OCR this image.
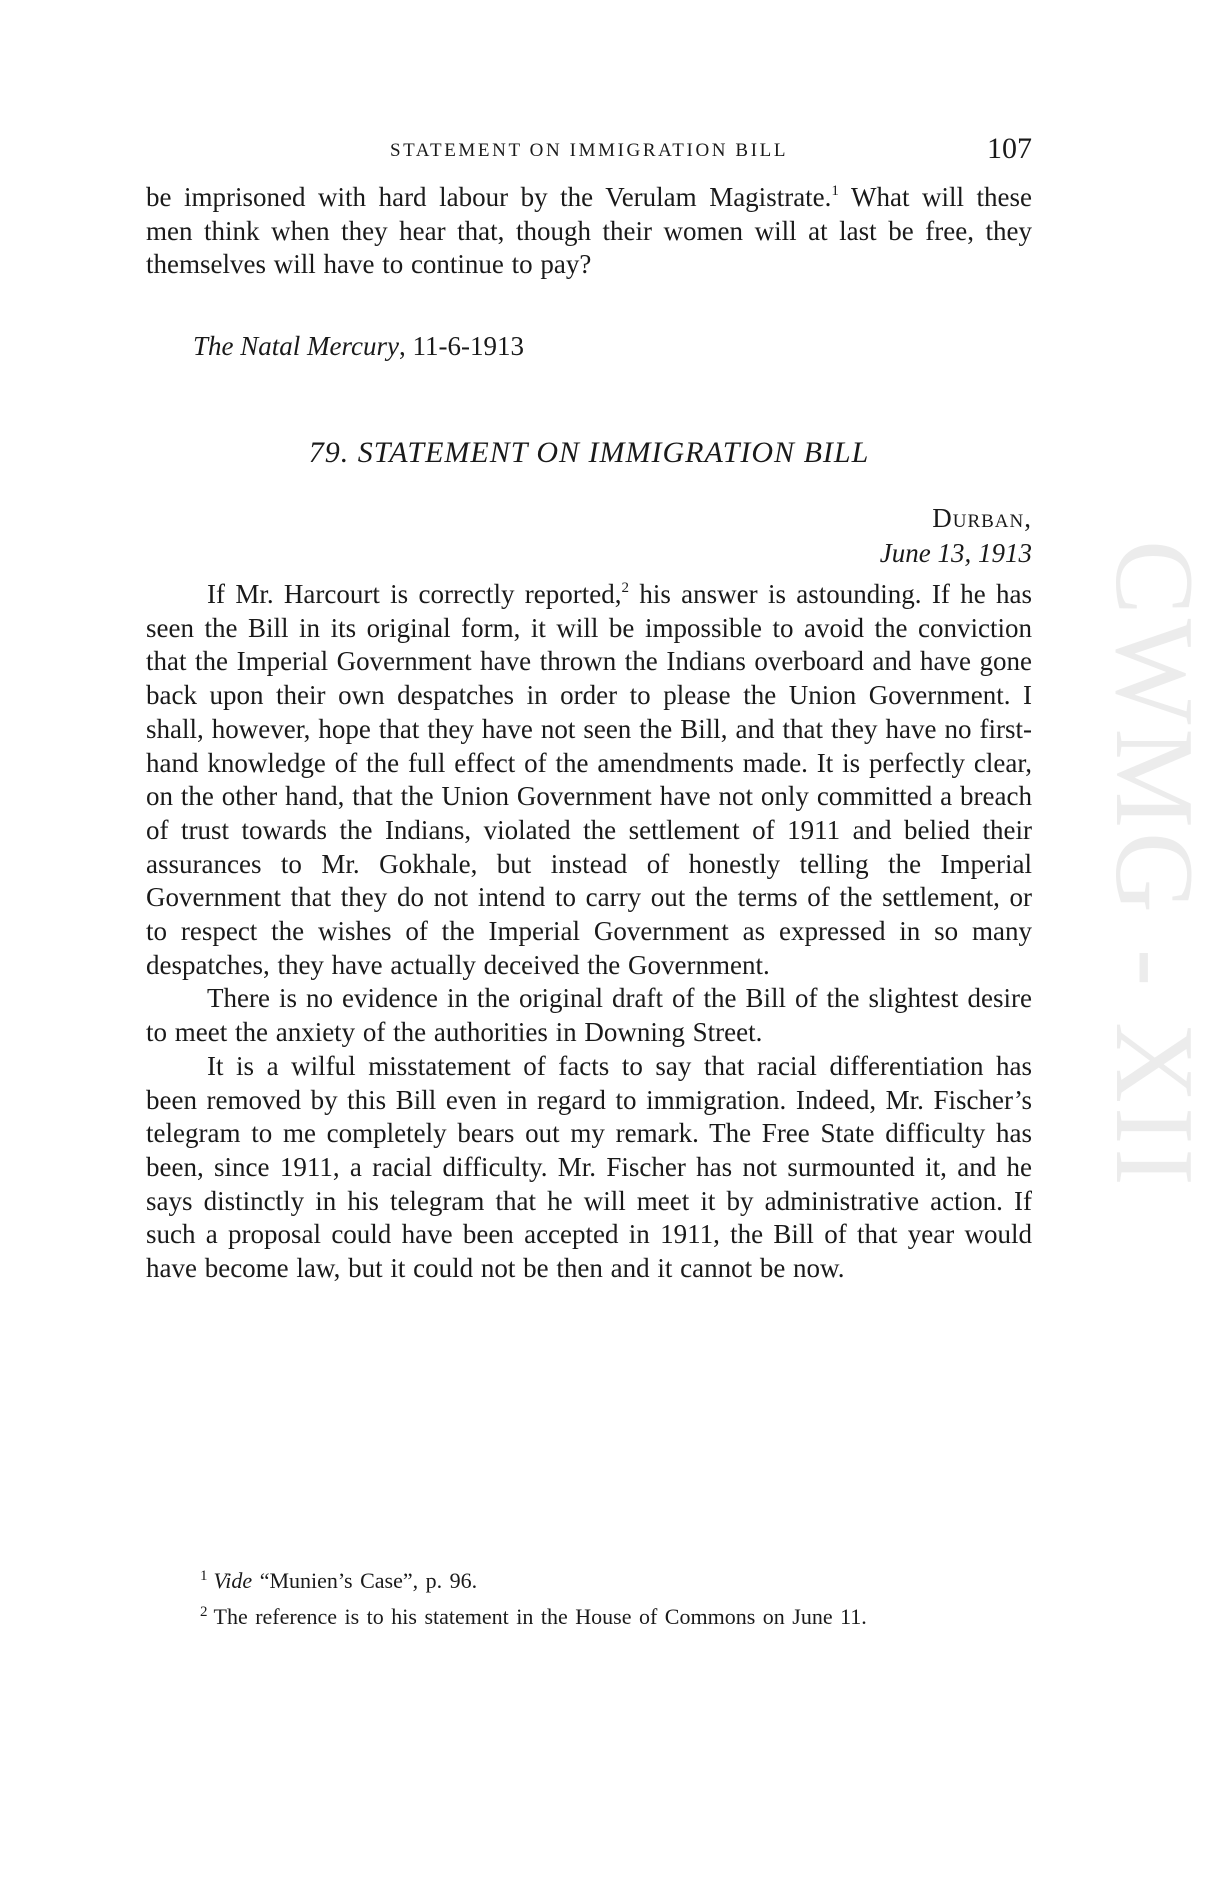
CWMG - XII
STATEMENT ON IMMIGRATION BILL	107

be imprisoned with hard labour by the Verulam Magistrate.$^1$ What will these men think when they hear that, though their women will at last be free, they themselves will have to continue to pay?

The Natal Mercury, 11-6-1913
79. STATEMENT ON IMMIGRATION BILL
Durban,
June 13, 1913

If Mr. Harcourt is correctly reported,$^2$ his answer is astounding. If he has seen the Bill in its original form, it will be impossible to avoid the conviction that the Imperial Government have thrown the Indians overboard and have gone back upon their own despatches in order to please the Union Government. I shall, however, hope that they have not seen the Bill, and that they have no first-hand knowledge of the full effect of the amendments made. It is perfectly clear, on the other hand, that the Union Government have not only committed a breach of trust towards the Indians, violated the settlement of 1911 and belied their assurances to Mr. Gokhale, but instead of honestly telling the Imperial Government that they do not intend to carry out the terms of the settlement, or to respect the wishes of the Imperial Government as expressed in so many despatches, they have actually deceived the Government.

There is no evidence in the original draft of the Bill of the slightest desire to meet the anxiety of the authorities in Downing Street.

It is a wilful misstatement of facts to say that racial differentiation has been removed by this Bill even in regard to immigration. Indeed, Mr. Fischer’s telegram to me completely bears out my remark. The Free State difficulty has been, since 1911, a racial difficulty. Mr. Fischer has not surmounted it, and he says distinctly in his telegram that he will meet it by administrative action. If such a proposal could have been accepted in 1911, the Bill of that year would have become law, but it could not be then and it cannot be now.

$^1$ Vide “Munien’s Case”, p. 96.

$^2$ The reference is to his statement in the House of Commons on June 11.
